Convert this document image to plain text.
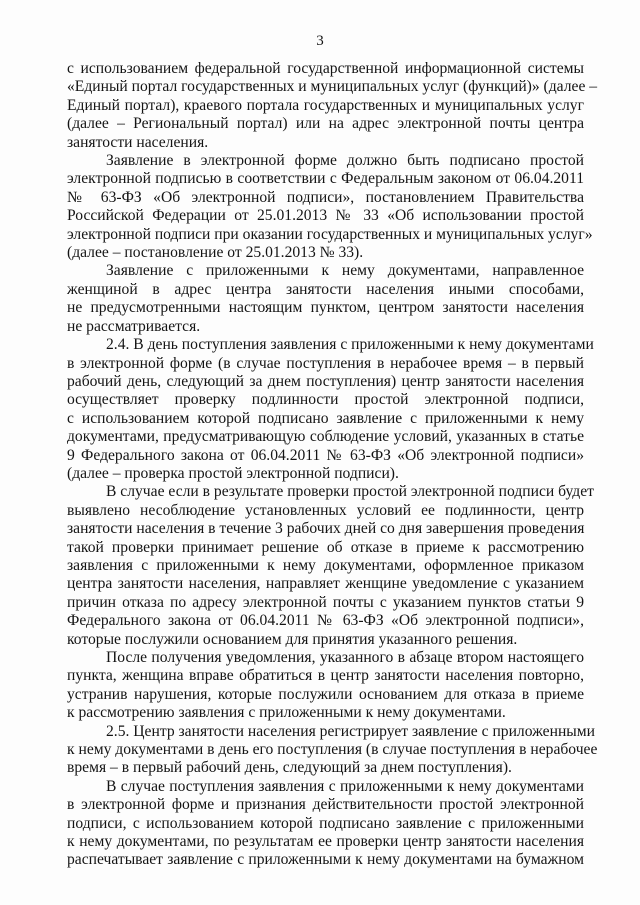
3
с использованием федеральной государственной информационной системы
«Единый портал государственных и муниципальных услуг (функций)» (далее –
Единый портал), краевого портала государственных и муниципальных услуг
(далее – Региональный портал) или на адрес электронной почты центра
занятости населения.
Заявление в электронной форме должно быть подписано простой
электронной подписью в соответствии с Федеральным законом от 06.04.2011
№ 63-ФЗ «Об электронной подписи», постановлением Правительства
Российской Федерации от 25.01.2013 № 33 «Об использовании простой
электронной подписи при оказании государственных и муниципальных услуг»
(далее – постановление от 25.01.2013 № 33).
Заявление с приложенными к нему документами, направленное
женщиной в адрес центра занятости населения иными способами,
не предусмотренными настоящим пунктом, центром занятости населения
не рассматривается.
2.4. В день поступления заявления с приложенными к нему документами
в электронной форме (в случае поступления в нерабочее время – в первый
рабочий день, следующий за днем поступления) центр занятости населения
осуществляет проверку подлинности простой электронной подписи,
с использованием которой подписано заявление с приложенными к нему
документами, предусматривающую соблюдение условий, указанных в статье
9 Федерального закона от 06.04.2011 № 63-ФЗ «Об электронной подписи»
(далее – проверка простой электронной подписи).
В случае если в результате проверки простой электронной подписи будет
выявлено несоблюдение установленных условий ее подлинности, центр
занятости населения в течение 3 рабочих дней со дня завершения проведения
такой проверки принимает решение об отказе в приеме к рассмотрению
заявления с приложенными к нему документами, оформленное приказом
центра занятости населения, направляет женщине уведомление с указанием
причин отказа по адресу электронной почты с указанием пунктов статьи 9
Федерального закона от 06.04.2011 № 63-ФЗ «Об электронной подписи»,
которые послужили основанием для принятия указанного решения.
После получения уведомления, указанного в абзаце втором настоящего
пункта, женщина вправе обратиться в центр занятости населения повторно,
устранив нарушения, которые послужили основанием для отказа в приеме
к рассмотрению заявления с приложенными к нему документами.
2.5. Центр занятости населения регистрирует заявление с приложенными
к нему документами в день его поступления (в случае поступления в нерабочее
время – в первый рабочий день, следующий за днем поступления).
В случае поступления заявления с приложенными к нему документами
в электронной форме и признания действительности простой электронной
подписи, с использованием которой подписано заявление с приложенными
к нему документами, по результатам ее проверки центр занятости населения
распечатывает заявление с приложенными к нему документами на бумажном
